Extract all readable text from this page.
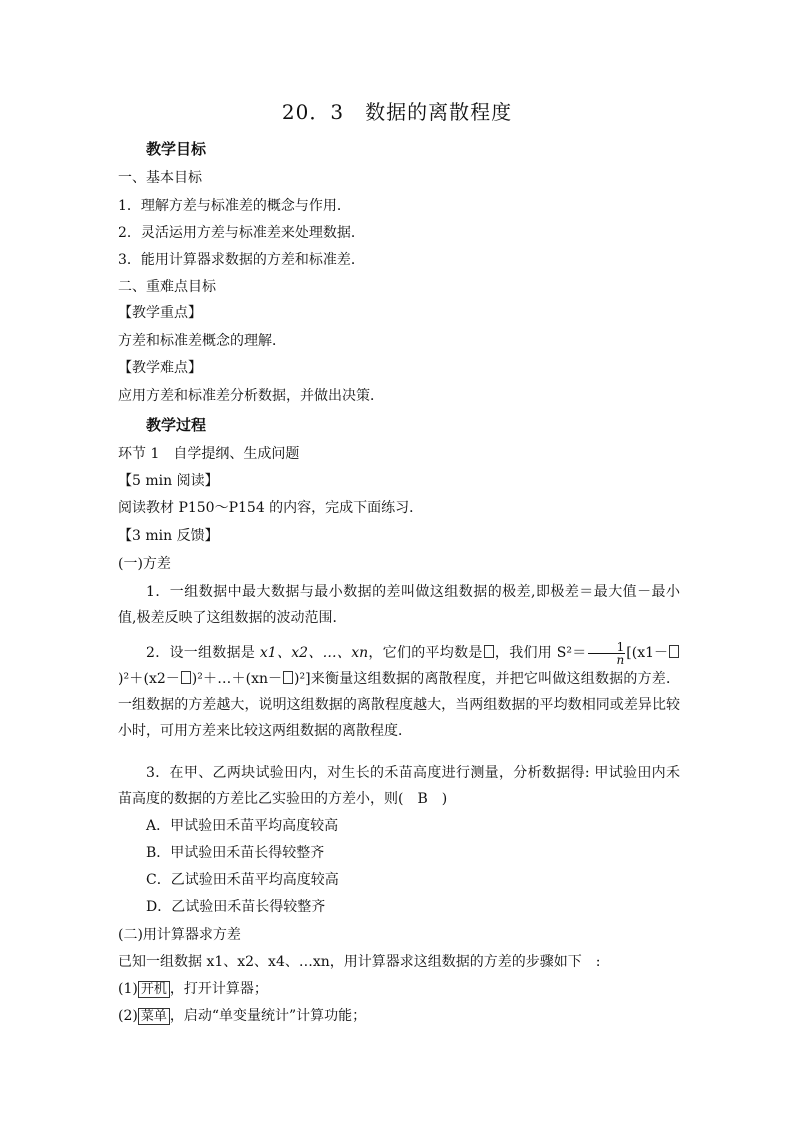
20．3　数据的离散程度
教学目标
一、基本目标
1．理解方差与标准差的概念与作用．
2．灵活运用方差与标准差来处理数据．
3．能用计算器求数据的方差和标准差．
二、重难点目标
【教学重点】
方差和标准差概念的理解．
【教学难点】
应用方差和标准差分析数据，并做出决策．
教学过程
环节 1　自学提纲、生成问题
【5 min 阅读】
阅读教材 P150～P154 的内容，完成下面练习．
【3 min 反馈】
(一)方差
1．一组数据中最大数据与最小数据的差叫做这组数据的极差,即极差＝最大值－最小值,极差反映了这组数据的波动范围．
2．设一组数据是 x1、x2、…、xn，它们的平均数是 ，我们用 $S^2= \frac{1}{n} [(x1-)^2+(x2-$ )²＋…＋(xn－ )²]来衡量这组数据的离散程度，并把它叫做这组数据的方差．一组数据的方差越大，说明这组数据的离散程度越大，当两组数据的平均数相同或差异比较小时，可用方差来比较这两组数据的离散程度．
3．在甲、乙两块试验田内，对生长的禾苗高度进行测量，分析数据得: 甲试验田内禾苗高度的数据的方差比乙实验田的方差小，则(　B　)
A．甲试验田禾苗平均高度较高
B．甲试验田禾苗长得较整齐
C．乙试验田禾苗平均高度较高
D．乙试验田禾苗长得较整齐
(二)用计算器求方差
已知一组数据 x1、x2、x4、…xn，用计算器求这组数据的方差的步骤如下　:
(1) 开机 ，打开计算器；
(2) 菜单 ，启动“单变量统计”计算功能；
